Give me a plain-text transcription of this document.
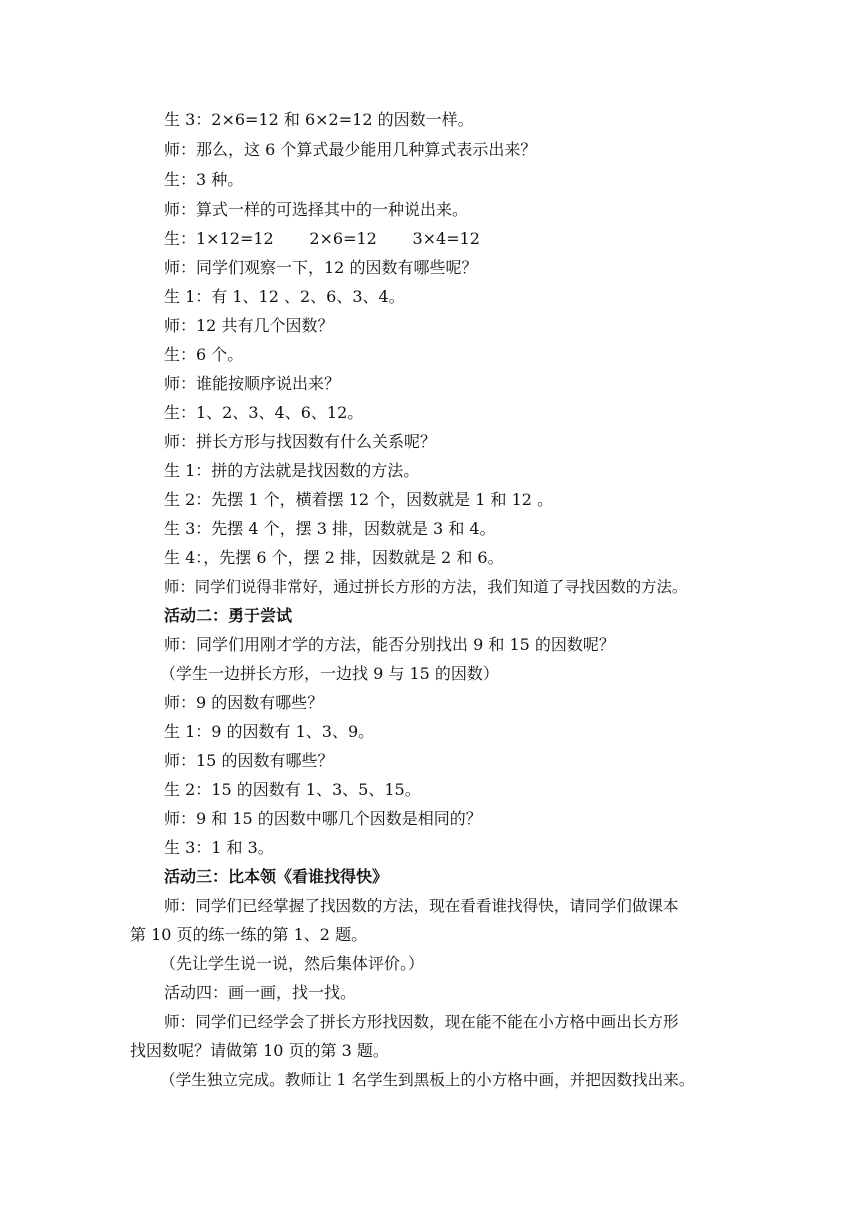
生 3：2×6=12 和 6×2=12 的因数一样。
师：那么，这 6 个算式最少能用几种算式表示出来？
生：3 种。
师：算式一样的可选择其中的一种说出来。
生：1×12=12       2×6=12       3×4=12
师：同学们观察一下，12 的因数有哪些呢？
生 1：有 1、12 、2、6、3、4。
师：12 共有几个因数？
生：6 个。
师：谁能按顺序说出来？
生：1、2、3、4、6、12。
师：拼长方形与找因数有什么关系呢？
生 1：拼的方法就是找因数的方法。
生 2：先摆 1 个，横着摆 12 个，因数就是 1 和 12 。
生 3：先摆 4 个，摆 3 排，因数就是 3 和 4。
生 4：，先摆 6 个，摆 2 排，因数就是 2 和 6。
师：同学们说得非常好，通过拼长方形的方法，我们知道了寻找因数的方法。
活动二：勇于尝试
师：同学们用刚才学的方法，能否分别找出 9 和 15 的因数呢？
（学生一边拼长方形，一边找 9 与 15 的因数）
师：9 的因数有哪些？
生 1：9 的因数有 1、3、9。
师：15 的因数有哪些？
生 2：15 的因数有 1、3、5、15。
师：9 和 15 的因数中哪几个因数是相同的？
生 3：1 和 3。
活动三：比本领《看谁找得快》
师：同学们已经掌握了找因数的方法，现在看看谁找得快，请同学们做课本
第 10 页的练一练的第 1、2 题。
（先让学生说一说，然后集体评价。）
活动四：画一画，找一找。
师：同学们已经学会了拼长方形找因数，现在能不能在小方格中画出长方形
找因数呢？请做第 10 页的第 3 题。
（学生独立完成。教师让 1 名学生到黑板上的小方格中画，并把因数找出来。
